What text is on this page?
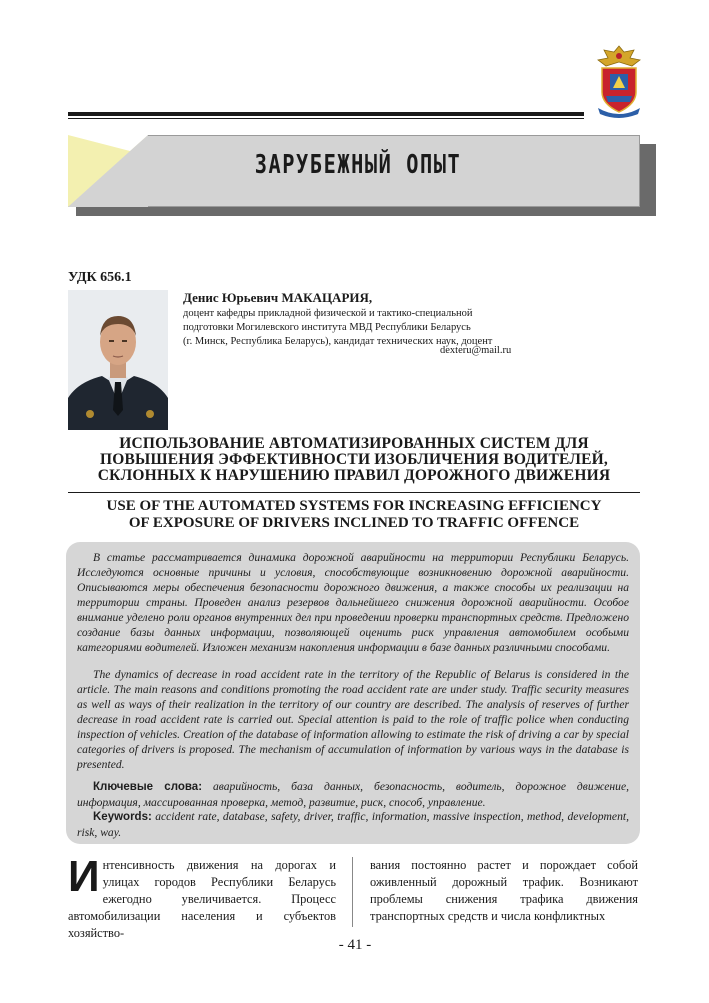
ЗАРУБЕЖНЫЙ ОПЫТ
УДК 656.1
Денис Юрьевич МАКАЦАРИЯ,
доцент кафедры прикладной физической и тактико-специальной
подготовки Могилевского института МВД Республики Беларусь
(г. Минск, Республика Беларусь), кандидат технических наук, доцент
dexteru@mail.ru
ИСПОЛЬЗОВАНИЕ АВТОМАТИЗИРОВАННЫХ СИСТЕМ ДЛЯ
ПОВЫШЕНИЯ ЭФФЕКТИВНОСТИ ИЗОБЛИЧЕНИЯ ВОДИТЕЛЕЙ,
СКЛОННЫХ К НАРУШЕНИЮ ПРАВИЛ ДОРОЖНОГО ДВИЖЕНИЯ
USE OF THE AUTOMATED SYSTEMS FOR INCREASING EFFICIENCY
OF EXPOSURE OF DRIVERS INCLINED TO TRAFFIC OFFENCE
В статье рассматривается динамика дорожной аварийности на территории Республики Беларусь. Исследуются основные причины и условия, способствующие возникновению дорожной аварийности. Описываются меры обеспечения безопасности дорожного движения, а также способы их реализации на территории страны. Проведен анализ резервов дальнейшего снижения дорожной аварийности. Особое внимание уделено роли органов внутренних дел при проведении проверки транспортных средств. Предложено создание базы данных информации, позволяющей оценить риск управления автомобилем особыми категориями водителей. Изложен механизм накопления информации в базе данных различными способами.
The dynamics of decrease in road accident rate in the territory of the Republic of Belarus is considered in the article. The main reasons and conditions promoting the road accident rate are under study. Traffic security measures as well as ways of their realization in the territory of our country are described. The analysis of reserves of further decrease in road accident rate is carried out. Special attention is paid to the role of traffic police when conducting inspection of vehicles. Creation of the database of information allowing to estimate the risk of driving a car by special categories of drivers is proposed. The mechanism of accumulation of information by various ways in the database is presented.
Ключевые слова: аварийность, база данных, безопасность, водитель, дорожное движение, информация, массированная проверка, метод, развитие, риск, способ, управление.
Keywords: accident rate, database, safety, driver, traffic, information, massive inspection, method, development, risk, way.
Интенсивность движения на дорогах и улицах городов Республики Беларусь ежегодно увеличивается. Процесс автомобилизации населения и субъектов хозяйство-
вания постоянно растет и порождает собой оживленный дорожный трафик. Возникают проблемы снижения трафика движения транспортных средств и числа конфликтных
- 41 -
